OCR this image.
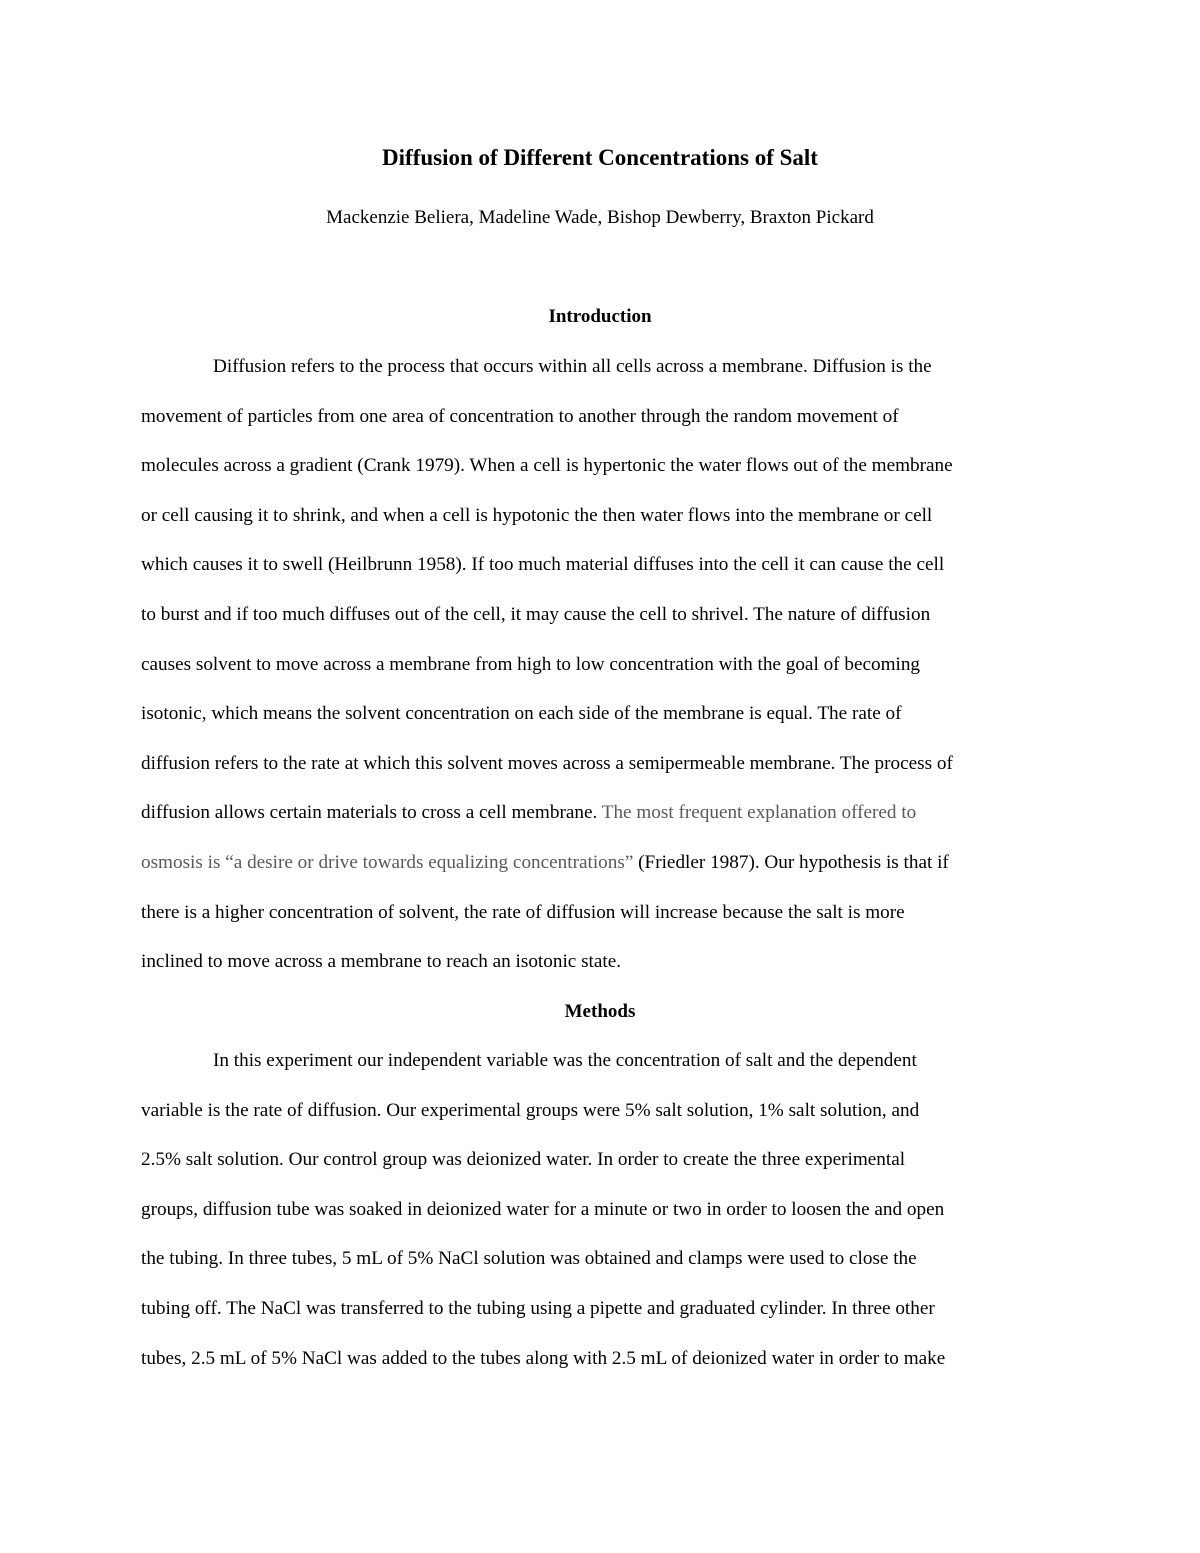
Diffusion of Different Concentrations of Salt
Mackenzie Beliera, Madeline Wade, Bishop Dewberry, Braxton Pickard
Introduction
Diffusion refers to the process that occurs within all cells across a membrane. Diffusion is the
movement of particles from one area of concentration to another through the random movement of
molecules across a gradient (Crank 1979). When a cell is hypertonic the water flows out of the membrane
or cell causing it to shrink, and when a cell is hypotonic the then water flows into the membrane or cell
which causes it to swell (Heilbrunn 1958). If too much material diffuses into the cell it can cause the cell
to burst and if too much diffuses out of the cell, it may cause the cell to shrivel. The nature of diffusion
causes solvent to move across a membrane from high to low concentration with the goal of becoming
isotonic, which means the solvent concentration on each side of the membrane is equal. The rate of
diffusion refers to the rate at which this solvent moves across a semipermeable membrane. The process of
diffusion allows certain materials to cross a cell membrane. The most frequent explanation offered to
osmosis is “a desire or drive towards equalizing concentrations” (Friedler 1987). Our hypothesis is that if
there is a higher concentration of solvent, the rate of diffusion will increase because the salt is more
inclined to move across a membrane to reach an isotonic state.
Methods
In this experiment our independent variable was the concentration of salt and the dependent
variable is the rate of diffusion. Our experimental groups were 5% salt solution, 1% salt solution, and
2.5% salt solution. Our control group was deionized water. In order to create the three experimental
groups, diffusion tube was soaked in deionized water for a minute or two in order to loosen the and open
the tubing. In three tubes, 5 mL of 5% NaCl solution was obtained and clamps were used to close the
tubing off. The NaCl was transferred to the tubing using a pipette and graduated cylinder. In three other
tubes, 2.5 mL of 5% NaCl was added to the tubes along with 2.5 mL of deionized water in order to make
